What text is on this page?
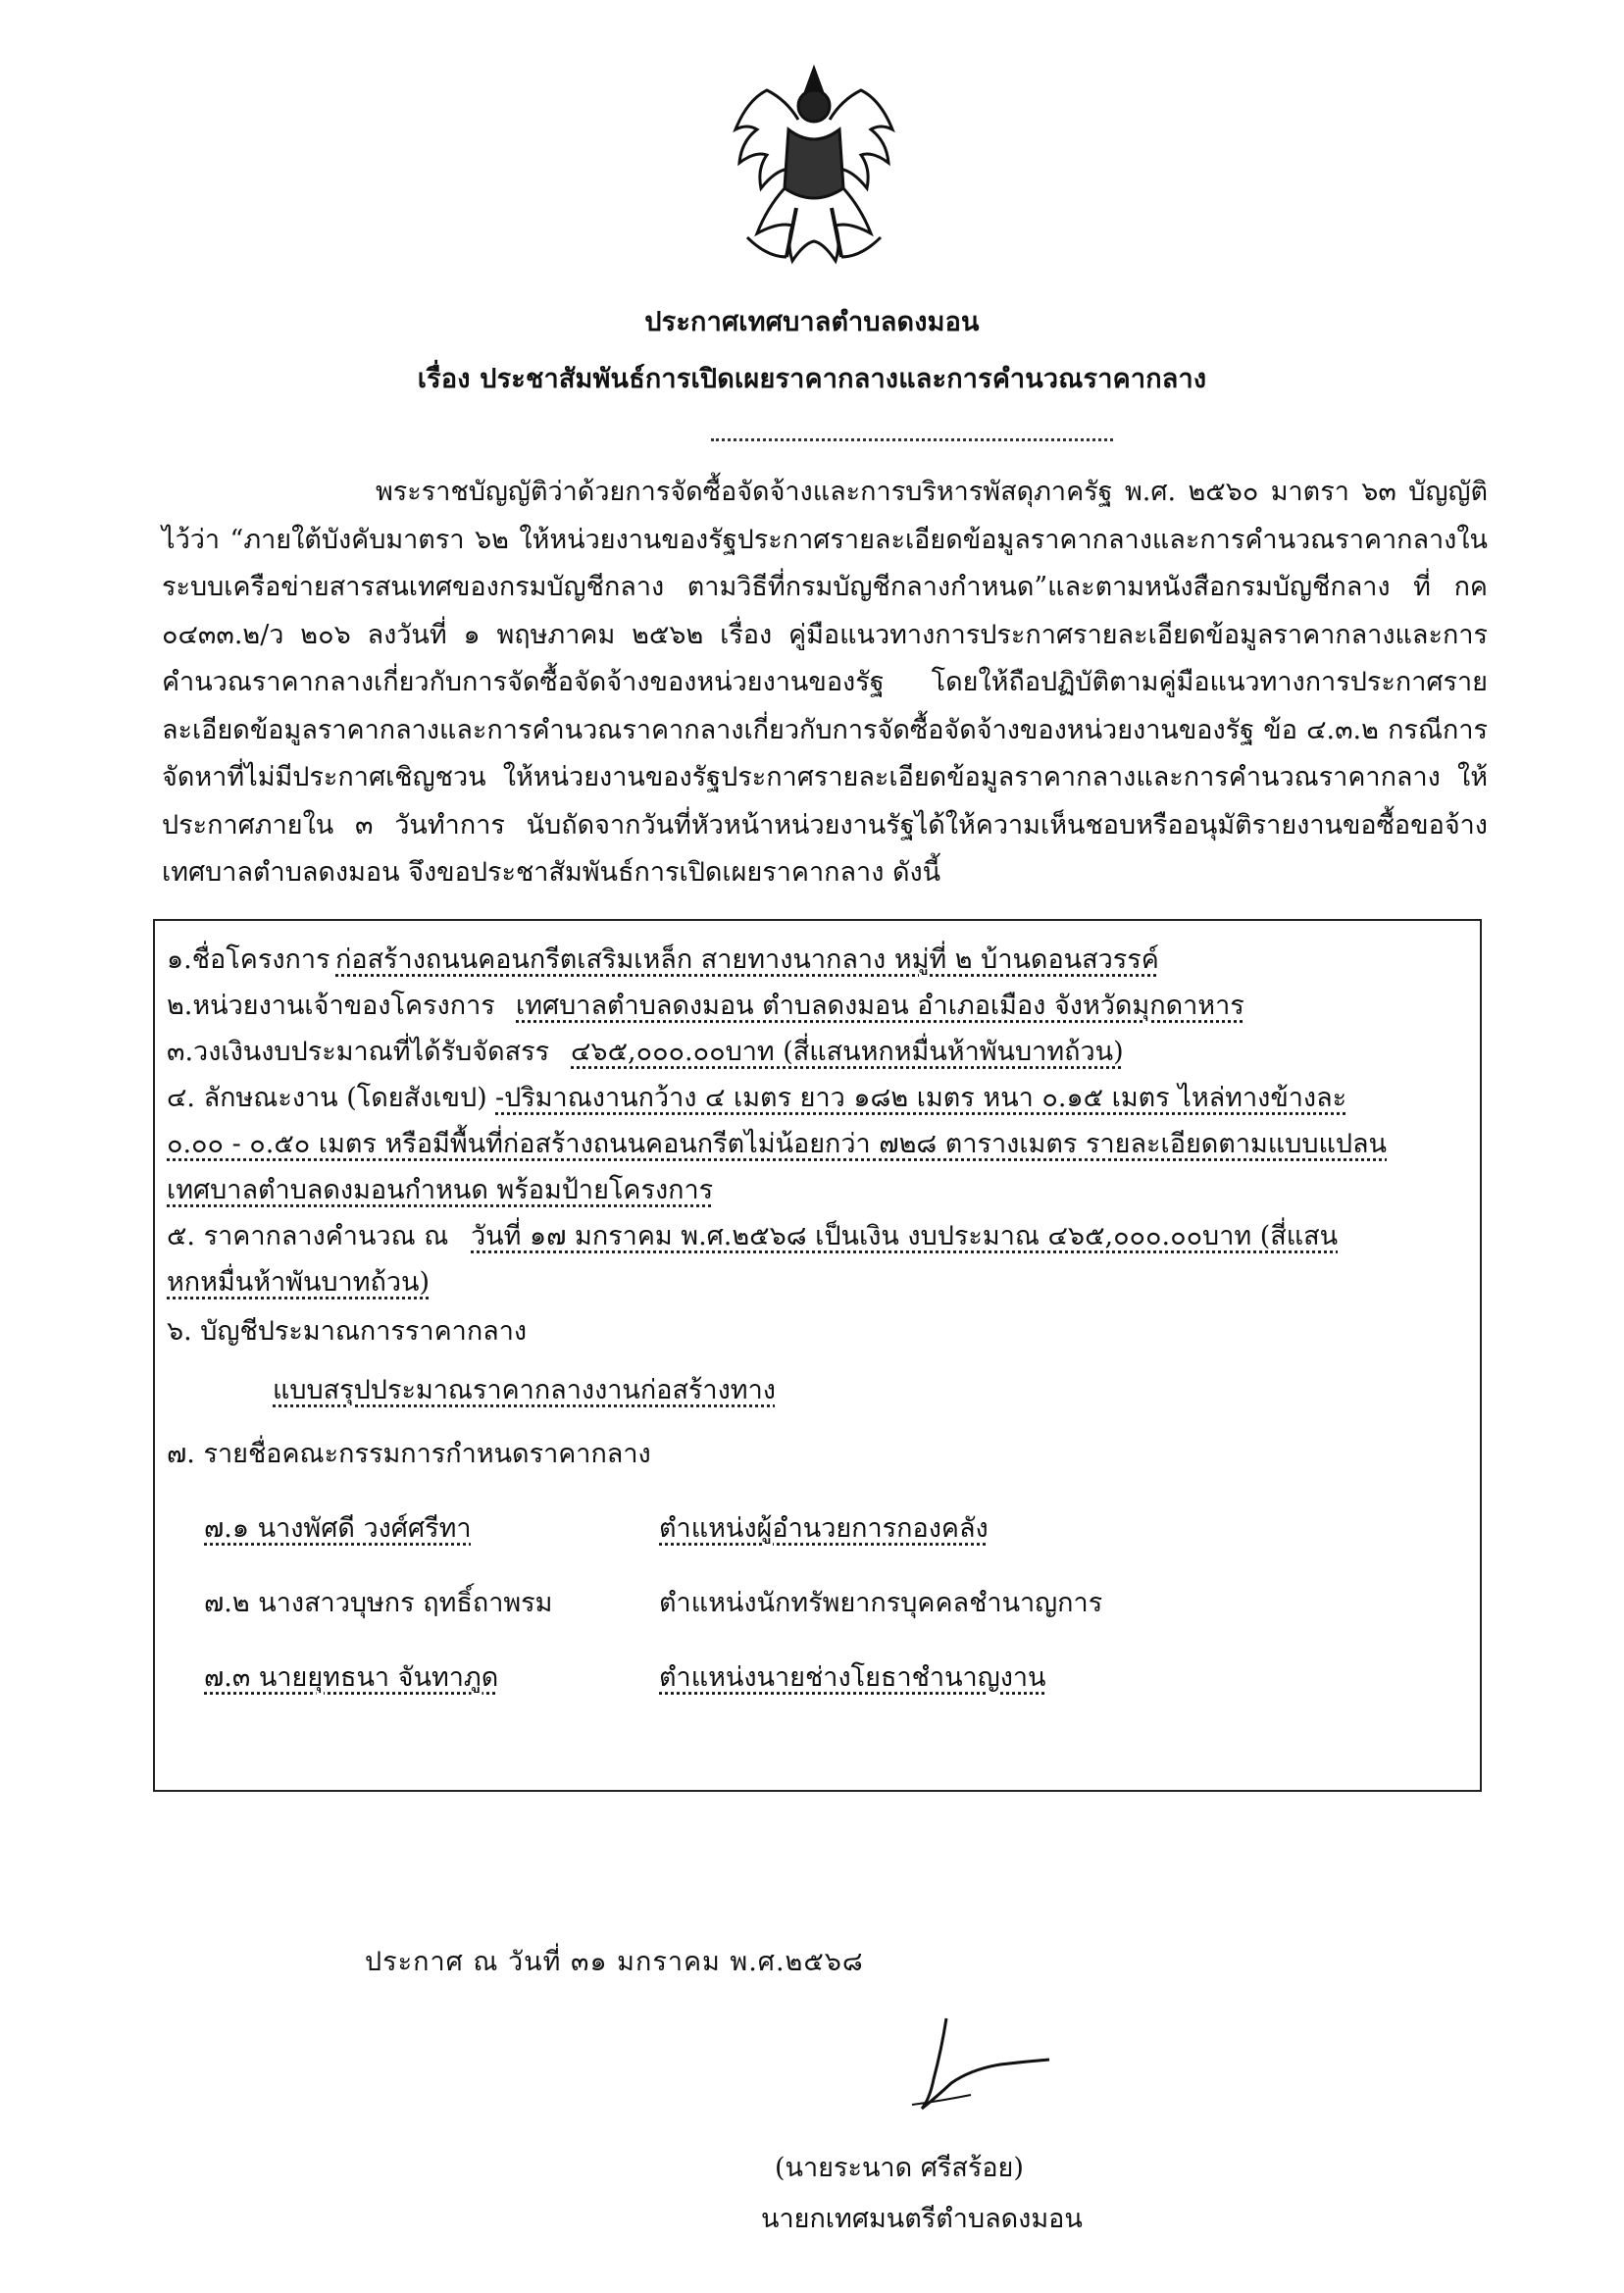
ประกาศเทศบาลตำบลดงมอน
เรื่อง ประชาสัมพันธ์การเปิดเผยราคากลางและการคำนวณราคากลาง
พระราชบัญญัติว่าด้วยการจัดซื้อจัดจ้างและการบริหารพัสดุภาครัฐ พ.ศ. ๒๕๖๐ มาตรา ๖๓ บัญญัติไว้ว่า “ภายใต้บังคับมาตรา ๖๒ ให้หน่วยงานของรัฐประกาศรายละเอียดข้อมูลราคากลางและการคำนวณราคากลางในระบบเครือข่ายสารสนเทศของกรมบัญชีกลาง ตามวิธีที่กรมบัญชีกลางกำหนด”และตามหนังสือกรมบัญชีกลาง ที่ กค ๐๔๓๓.๒/ว ๒๐๖ ลงวันที่ ๑ พฤษภาคม ๒๕๖๒ เรื่อง คู่มือแนวทางการประกาศรายละเอียดข้อมูลราคากลางและการคำนวณราคากลางเกี่ยวกับการจัดซื้อจัดจ้างของหน่วยงานของรัฐ โดยให้ถือปฏิบัติตามคู่มือแนวทางการประกาศรายละเอียดข้อมูลราคากลางและการคำนวณราคากลางเกี่ยวกับการจัดซื้อจัดจ้างของหน่วยงานของรัฐ ข้อ ๔.๓.๒ กรณีการจัดหาที่ไม่มีประกาศเชิญชวน ให้หน่วยงานของรัฐประกาศรายละเอียดข้อมูลราคากลางและการคำนวณราคากลาง ให้ประกาศภายใน ๓ วันทำการ นับถัดจากวันที่หัวหน้าหน่วยงานรัฐได้ให้ความเห็นชอบหรืออนุมัติรายงานขอซื้อขอจ้าง เทศบาลตำบลดงมอน จึงขอประชาสัมพันธ์การเปิดเผยราคากลาง ดังนี้
๑.ชื่อโครงการ ก่อสร้างถนนคอนกรีตเสริมเหล็ก สายทางนากลาง หมู่ที่ ๒ บ้านดอนสวรรค์
๒.หน่วยงานเจ้าของโครงการ เทศบาลตำบลดงมอน ตำบลดงมอน อำเภอเมือง จังหวัดมุกดาหาร
๓.วงเงินงบประมาณที่ได้รับจัดสรร ๔๖๕,๐๐๐.๐๐บาท (สี่แสนหกหมื่นห้าพันบาทถ้วน)
๔. ลักษณะงาน (โดยสังเขป) -ปริมาณงานกว้าง ๔ เมตร ยาว ๑๘๒ เมตร หนา ๐.๑๕ เมตร ไหล่ทางข้างละ
๐.๐๐ - ๐.๕๐ เมตร หรือมีพื้นที่ก่อสร้างถนนคอนกรีตไม่น้อยกว่า ๗๒๘ ตารางเมตร รายละเอียดตามแบบแปลน
เทศบาลตำบลดงมอนกำหนด พร้อมป้ายโครงการ
๕. ราคากลางคำนวณ ณ วันที่ ๑๗ มกราคม พ.ศ.๒๕๖๘ เป็นเงิน งบประมาณ ๔๖๕,๐๐๐.๐๐บาท (สี่แสน
หกหมื่นห้าพันบาทถ้วน)
๖. บัญชีประมาณการราคากลาง
แบบสรุปประมาณราคากลางงานก่อสร้างทาง
๗. รายชื่อคณะกรรมการกำหนดราคากลาง
๗.๑ นางพัศดี วงศ์ศรีทา	ตำแหน่งผู้อำนวยการกองคลัง
๗.๒ นางสาวบุษกร ฤทธิ์ถาพรม	ตำแหน่งนักทรัพยากรบุคคลชำนาญการ
๗.๓ นายยุทธนา จันทาภูด	ตำแหน่งนายช่างโยธาชำนาญงาน
ประกาศ ณ วันที่ ๓๑ มกราคม พ.ศ.๒๕๖๘
(นายระนาด ศรีสร้อย)
นายกเทศมนตรีตำบลดงมอน
